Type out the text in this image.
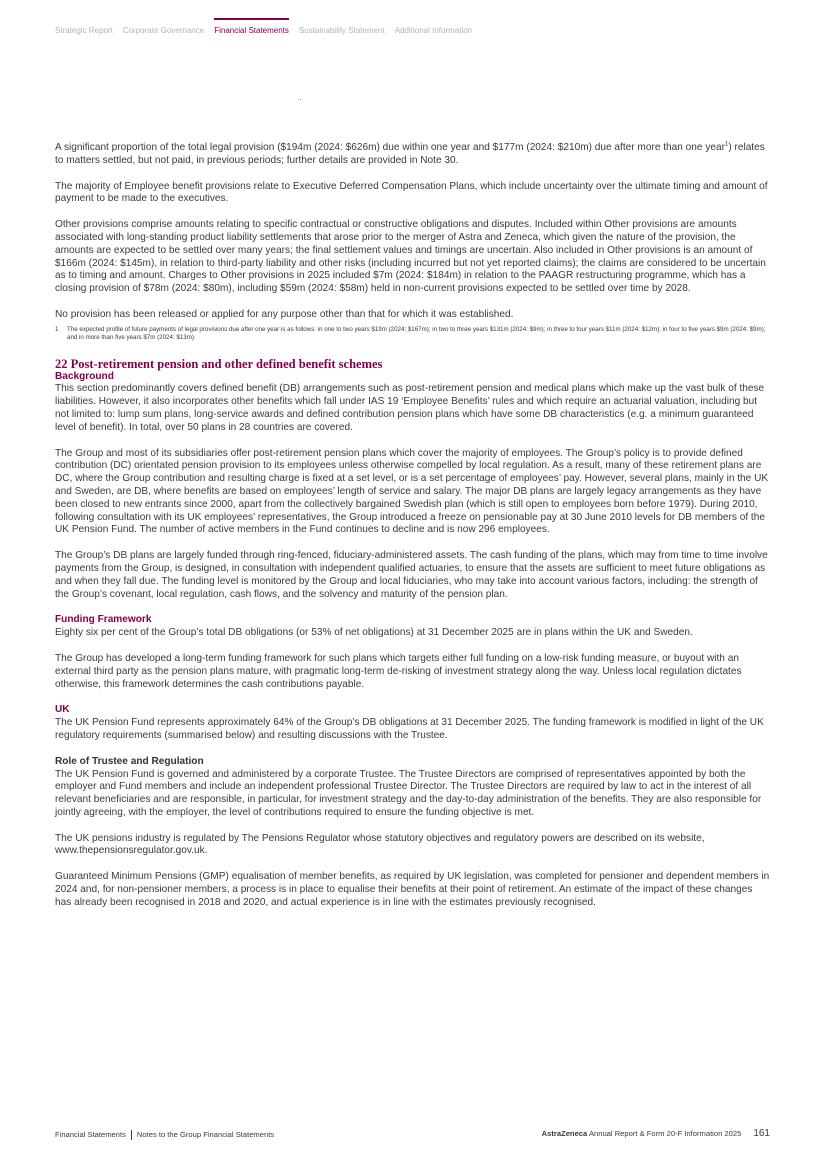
Strategic Report Corporate Governance Financial Statements Sustainability Statement Additional Information

A significant proportion of the total legal provision ($194m (2024: $626m) due within one year and $177m (2024: $210m) due after more than one year$^1$) relates to matters settled, but not paid, in previous periods; further details are provided in Note 30.

The majority of Employee benefit provisions relate to Executive Deferred Compensation Plans, which include uncertainty over the ultimate timing and amount of payment to be made to the executives.

Other provisions comprise amounts relating to specific contractual or constructive obligations and disputes. Included within Other provisions are amounts associated with long-standing product liability settlements that arose prior to the merger of Astra and Zeneca, which given the nature of the provision, the amounts are expected to be settled over many years; the final settlement values and timings are uncertain. Also included in Other provisions is an amount of $166m (2024: $145m), in relation to third-party liability and other risks (including incurred but not yet reported claims); the claims are considered to be uncertain as to timing and amount. Charges to Other provisions in 2025 included $7m (2024: $184m) in relation to the PAAGR restructuring programme, which has a closing provision of $78m (2024: $80m), including $59m (2024: $58m) held in non-current provisions expected to be settled over time by 2028.

No provision has been released or applied for any purpose other than that for which it was established.

1	The expected profile of future payments of legal provisions due after one year is as follows: in one to two years $19m (2024: $167m); in two to three years $131m (2024: $9m); in three to four years $11m (2024: $12m); in four to five years $9m (2024: $9m); and in more than five years $7m (2024: $13m).
22 Post-retirement pension and other defined benefit schemes
Background

This section predominantly covers defined benefit (DB) arrangements such as post-retirement pension and medical plans which make up the vast bulk of these liabilities. However, it also incorporates other benefits which fall under IAS 19 ‘Employee Benefits’ rules and which require an actuarial valuation, including but not limited to: lump sum plans, long-service awards and defined contribution pension plans which have some DB characteristics (e.g. a minimum guaranteed level of benefit). In total, over 50 plans in 28 countries are covered.

The Group and most of its subsidiaries offer post-retirement pension plans which cover the majority of employees. The Group’s policy is to provide defined contribution (DC) orientated pension provision to its employees unless otherwise compelled by local regulation. As a result, many of these retirement plans are DC, where the Group contribution and resulting charge is fixed at a set level, or is a set percentage of employees’ pay. However, several plans, mainly in the UK and Sweden, are DB, where benefits are based on employees’ length of service and salary. The major DB plans are largely legacy arrangements as they have been closed to new entrants since 2000, apart from the collectively bargained Swedish plan (which is still open to employees born before 1979). During 2010, following consultation with its UK employees’ representatives, the Group introduced a freeze on pensionable pay at 30 June 2010 levels for DB members of the UK Pension Fund. The number of active members in the Fund continues to decline and is now 296 employees.

The Group’s DB plans are largely funded through ring-fenced, fiduciary-administered assets. The cash funding of the plans, which may from time to time involve payments from the Group, is designed, in consultation with independent qualified actuaries, to ensure that the assets are sufficient to meet future obligations as and when they fall due. The funding level is monitored by the Group and local fiduciaries, who may take into account various factors, including: the strength of the Group’s covenant, local regulation, cash flows, and the solvency and maturity of the pension plan.

Funding Framework

Eighty six per cent of the Group’s total DB obligations (or 53% of net obligations) at 31 December 2025 are in plans within the UK and Sweden.

The Group has developed a long-term funding framework for such plans which targets either full funding on a low-risk funding measure, or buyout with an external third party as the pension plans mature, with pragmatic long-term de-risking of investment strategy along the way. Unless local regulation dictates otherwise, this framework determines the cash contributions payable.

UK

The UK Pension Fund represents approximately 64% of the Group’s DB obligations at 31 December 2025. The funding framework is modified in light of the UK regulatory requirements (summarised below) and resulting discussions with the Trustee.

Role of Trustee and Regulation

The UK Pension Fund is governed and administered by a corporate Trustee. The Trustee Directors are comprised of representatives appointed by both the employer and Fund members and include an independent professional Trustee Director. The Trustee Directors are required by law to act in the interest of all relevant beneficiaries and are responsible, in particular, for investment strategy and the day-to-day administration of the benefits. They are also responsible for jointly agreeing, with the employer, the level of contributions required to ensure the funding objective is met.

The UK pensions industry is regulated by The Pensions Regulator whose statutory objectives and regulatory powers are described on its website, www.thepensionsregulator.gov.uk.

Guaranteed Minimum Pensions (GMP) equalisation of member benefits, as required by UK legislation, was completed for pensioner and dependent members in 2024 and, for non-pensioner members, a process is in place to equalise their benefits at their point of retirement. An estimate of the impact of these changes has already been recognised in 2018 and 2020, and actual experience is in line with the estimates previously recognised.

Financial Statements Notes to the Group Financial Statements	AstraZeneca Annual Report & Form 20-F Information 2025 161
